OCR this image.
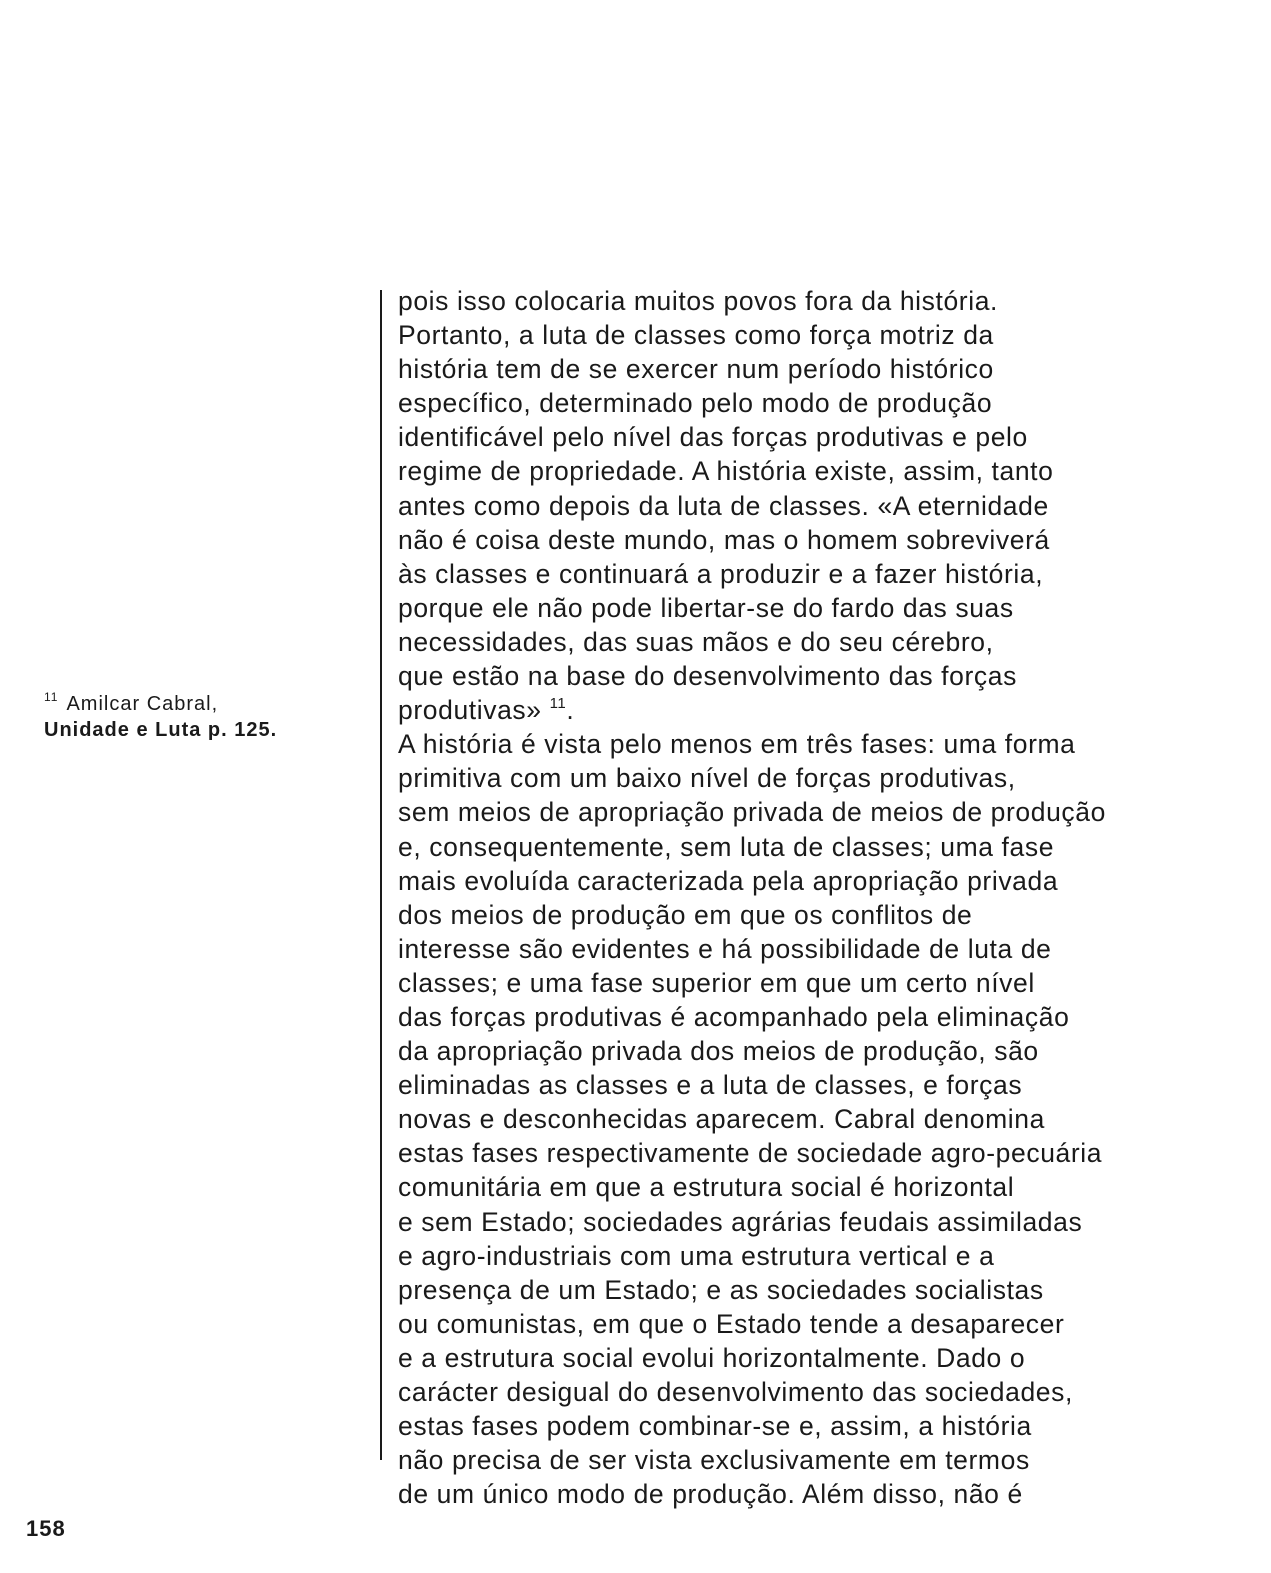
$^{11}$ Amilcar Cabral,
Unidade e Luta p. 125.
pois isso colocaria muitos povos fora da história.
Portanto, a luta de classes como força motriz da
história tem de se exercer num período histórico
específico, determinado pelo modo de produção
identificável pelo nível das forças produtivas e pelo
regime de propriedade. A história existe, assim, tanto
antes como depois da luta de classes. «A eternidade
não é coisa deste mundo, mas o homem sobreviverá
às classes e continuará a produzir e a fazer história,
porque ele não pode libertar-se do fardo das suas
necessidades, das suas mãos e do seu cérebro,
que estão na base do desenvolvimento das forças
produtivas» $^{11}$.
A história é vista pelo menos em três fases: uma forma
primitiva com um baixo nível de forças produtivas,
sem meios de apropriação privada de meios de produção
e, consequentemente, sem luta de classes; uma fase
mais evoluída caracterizada pela apropriação privada
dos meios de produção em que os conflitos de
interesse são evidentes e há possibilidade de luta de
classes; e uma fase superior em que um certo nível
das forças produtivas é acompanhado pela eliminação
da apropriação privada dos meios de produção, são
eliminadas as classes e a luta de classes, e forças
novas e desconhecidas aparecem. Cabral denomina
estas fases respectivamente de sociedade agro-pecuária
comunitária em que a estrutura social é horizontal
e sem Estado; sociedades agrárias feudais assimiladas
e agro-industriais com uma estrutura vertical e a
presença de um Estado; e as sociedades socialistas
ou comunistas, em que o Estado tende a desaparecer
e a estrutura social evolui horizontalmente. Dado o
carácter desigual do desenvolvimento das sociedades,
estas fases podem combinar-se e, assim, a história
não precisa de ser vista exclusivamente em termos
de um único modo de produção. Além disso, não é
158
